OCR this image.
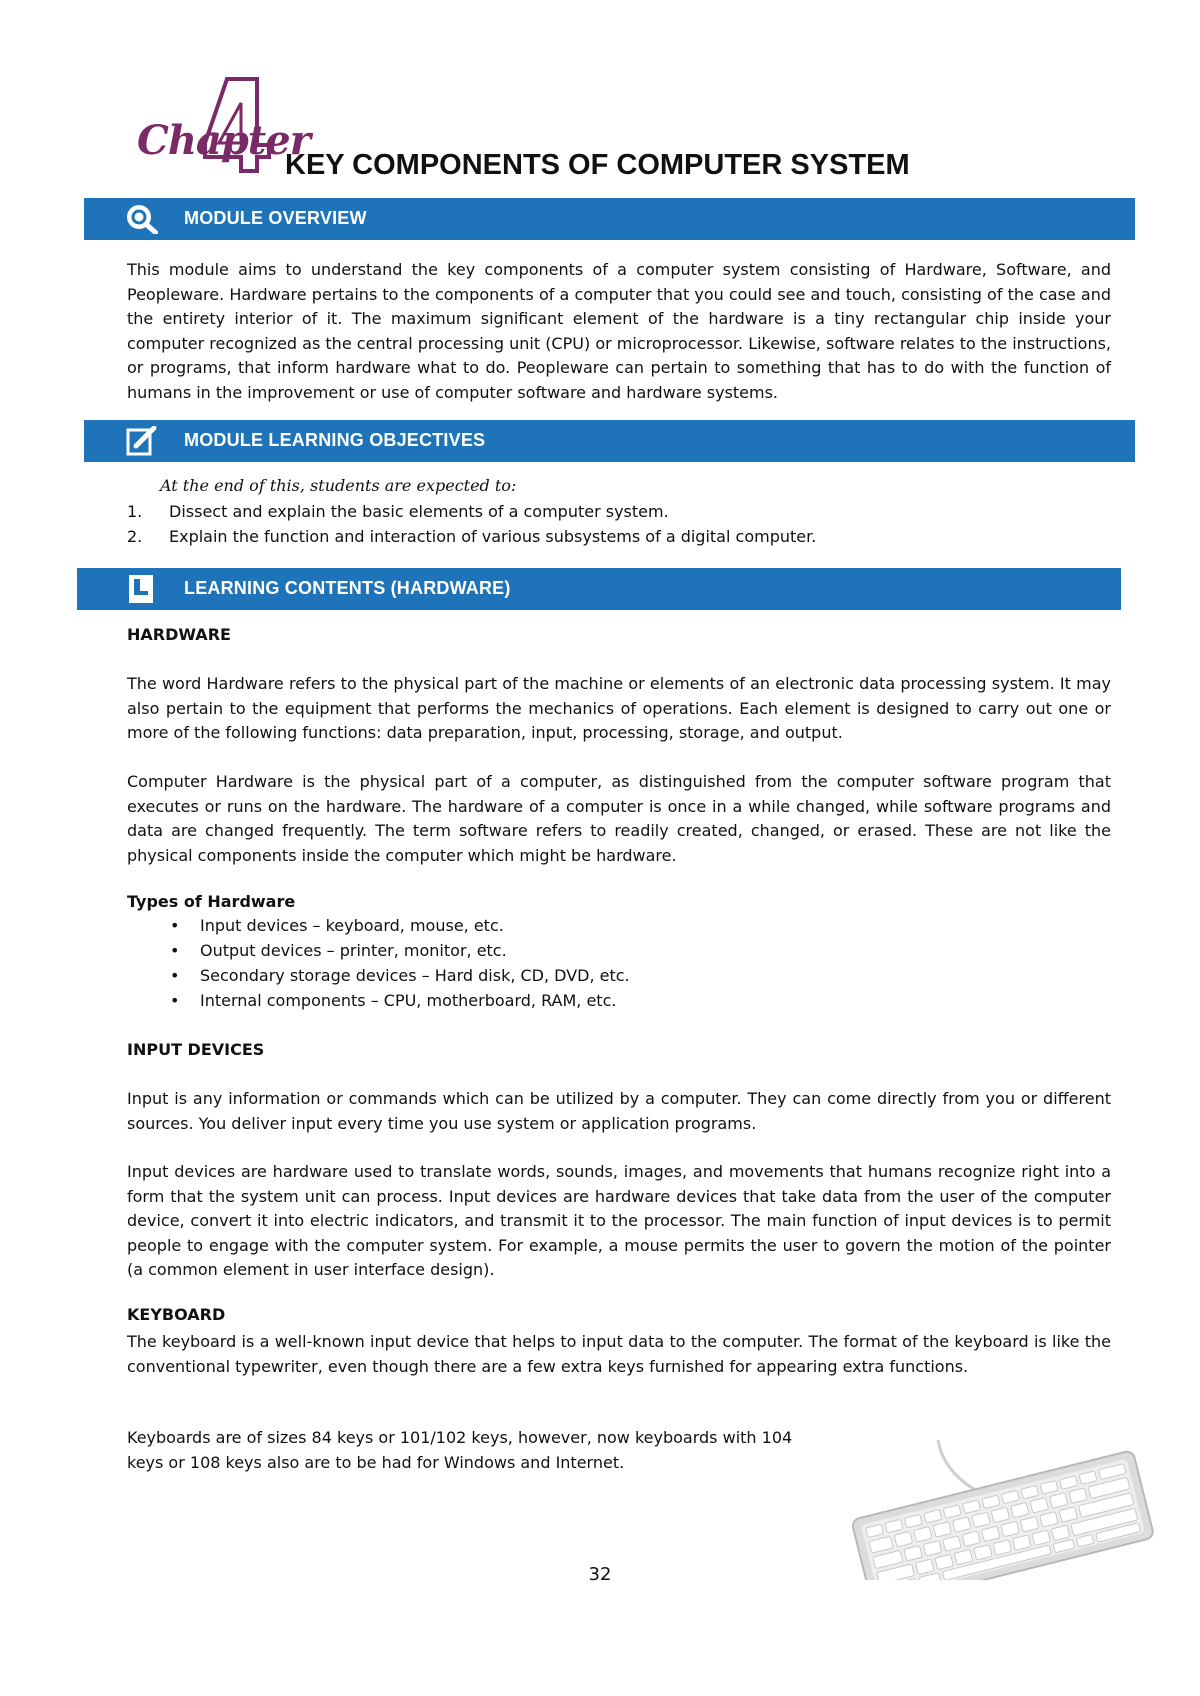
Chapter
KEY COMPONENTS OF COMPUTER SYSTEM
MODULE OVERVIEW

This module aims to understand the key components of a computer system consisting of Hardware, Software, and Peopleware. Hardware pertains to the components of a computer that you could see and touch, consisting of the case and the entirety interior of it. The maximum significant element of the hardware is a tiny rectangular chip inside your computer recognized as the central processing unit (CPU) or microprocessor. Likewise, software relates to the instructions, or programs, that inform hardware what to do. Peopleware can pertain to something that has to do with the function of humans in the improvement or use of computer software and hardware systems.

MODULE LEARNING OBJECTIVES
At the end of this, students are expected to:
1. Dissect and explain the basic elements of a computer system.
2. Explain the function and interaction of various subsystems of a digital computer.
LEARNING CONTENTS (HARDWARE)
HARDWARE

The word Hardware refers to the physical part of the machine or elements of an electronic data processing system. It may also pertain to the equipment that performs the mechanics of operations. Each element is designed to carry out one or more of the following functions: data preparation, input, processing, storage, and output.

Computer Hardware is the physical part of a computer, as distinguished from the computer software program that executes or runs on the hardware. The hardware of a computer is once in a while changed, while software programs and data are changed frequently. The term software refers to readily created, changed, or erased. These are not like the physical components inside the computer which might be hardware.

Types of Hardware
• Input devices – keyboard, mouse, etc.
• Output devices – printer, monitor, etc.
• Secondary storage devices – Hard disk, CD, DVD, etc.
• Internal components – CPU, motherboard, RAM, etc.
INPUT DEVICES

Input is any information or commands which can be utilized by a computer. They can come directly from you or different sources. You deliver input every time you use system or application programs.

Input devices are hardware used to translate words, sounds, images, and movements that humans recognize right into a form that the system unit can process. Input devices are hardware devices that take data from the user of the computer device, convert it into electric indicators, and transmit it to the processor. The main function of input devices is to permit people to engage with the computer system. For example, a mouse permits the user to govern the motion of the pointer (a common element in user interface design).

KEYBOARD

The keyboard is a well-known input device that helps to input data to the computer. The format of the keyboard is like the conventional typewriter, even though there are a few extra keys furnished for appearing extra functions.

Keyboards are of sizes 84 keys or 101/102 keys, however, now keyboards with 104 keys or 108 keys also are to be had for Windows and Internet.

32
